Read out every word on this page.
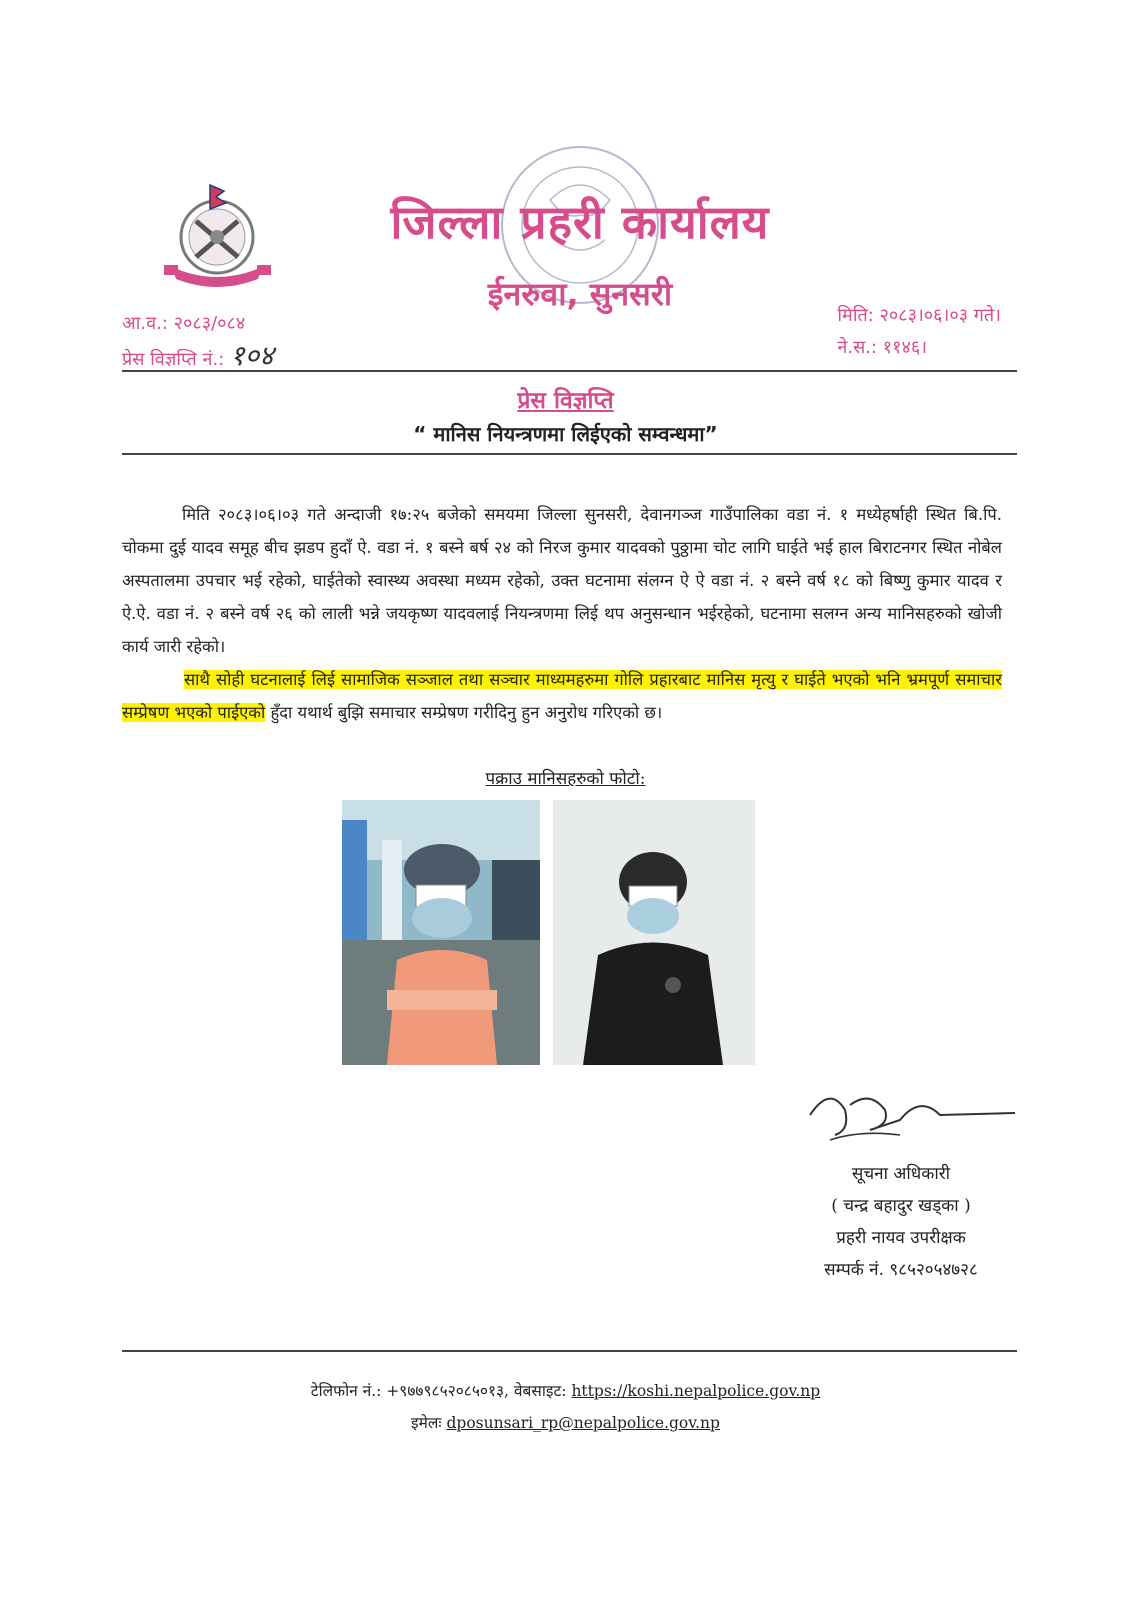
जिल्ला प्रहरी कार्यालय
ईनरुवा, सुनसरी
आ.व.: २०८३/०८४
प्रेस विज्ञप्ति नं.: १०४
मिति: २०८३।०६।०३ गते।
ने.स.: ११४६।
प्रेस विज्ञप्ति
“ मानिस नियन्त्रणमा लिईएको सम्वन्धमा”

मिति २०८३।०६।०३ गते अन्दाजी १७:२५ बजेको समयमा जिल्ला सुनसरी, देवानगञ्ज गाउँपालिका वडा नं. १ मध्येहर्षाही स्थित बि.पि. चोकमा दुई यादव समूह बीच झडप हुदाँ ऐ. वडा नं. १ बस्ने बर्ष २४ को निरज कुमार यादवको पुठ्ठामा चोट लागि घाईते भई हाल बिराटनगर स्थित नोबेल अस्पतालमा उपचार भई रहेको, घाईतेको स्वास्थ्य अवस्था मध्यम रहेको, उक्त घटनामा संलग्न ऐ ऐ वडा नं. २ बस्ने वर्ष १८ को बिष्णु कुमार यादव र ऐ.ऐ. वडा नं. २ बस्ने वर्ष २६ को लाली भन्ने जयकृष्ण यादवलाई नियन्त्रणमा लिई थप अनुसन्धान भईरहेको, घटनामा सलग्न अन्य मानिसहरुको खोजी कार्य जारी रहेको।

साथै सोही घटनालाई लिई सामाजिक सञ्जाल तथा सञ्चार माध्यमहरुमा गोलि प्रहारबाट मानिस मृत्यु र घाईते भएको भनि भ्रमपूर्ण समाचार सम्प्रेषण भएको पाईएको हुँदा यथार्थ बुझि समाचार सम्प्रेषण गरीदिनु हुन अनुरोध गरिएको छ।

पक्राउ मानिसहरुको फोटो:
सूचना अधिकारी
( चन्द्र बहादुर खड्का )
प्रहरी नायव उपरीक्षक
सम्पर्क नं. ९८५२०५४७२८
टेलिफोन नं.: +९७७९८५२०८५०१३, वेबसाइट: https://koshi.nepalpolice.gov.np
इमेलः dposunsari_rp@nepalpolice.gov.np
